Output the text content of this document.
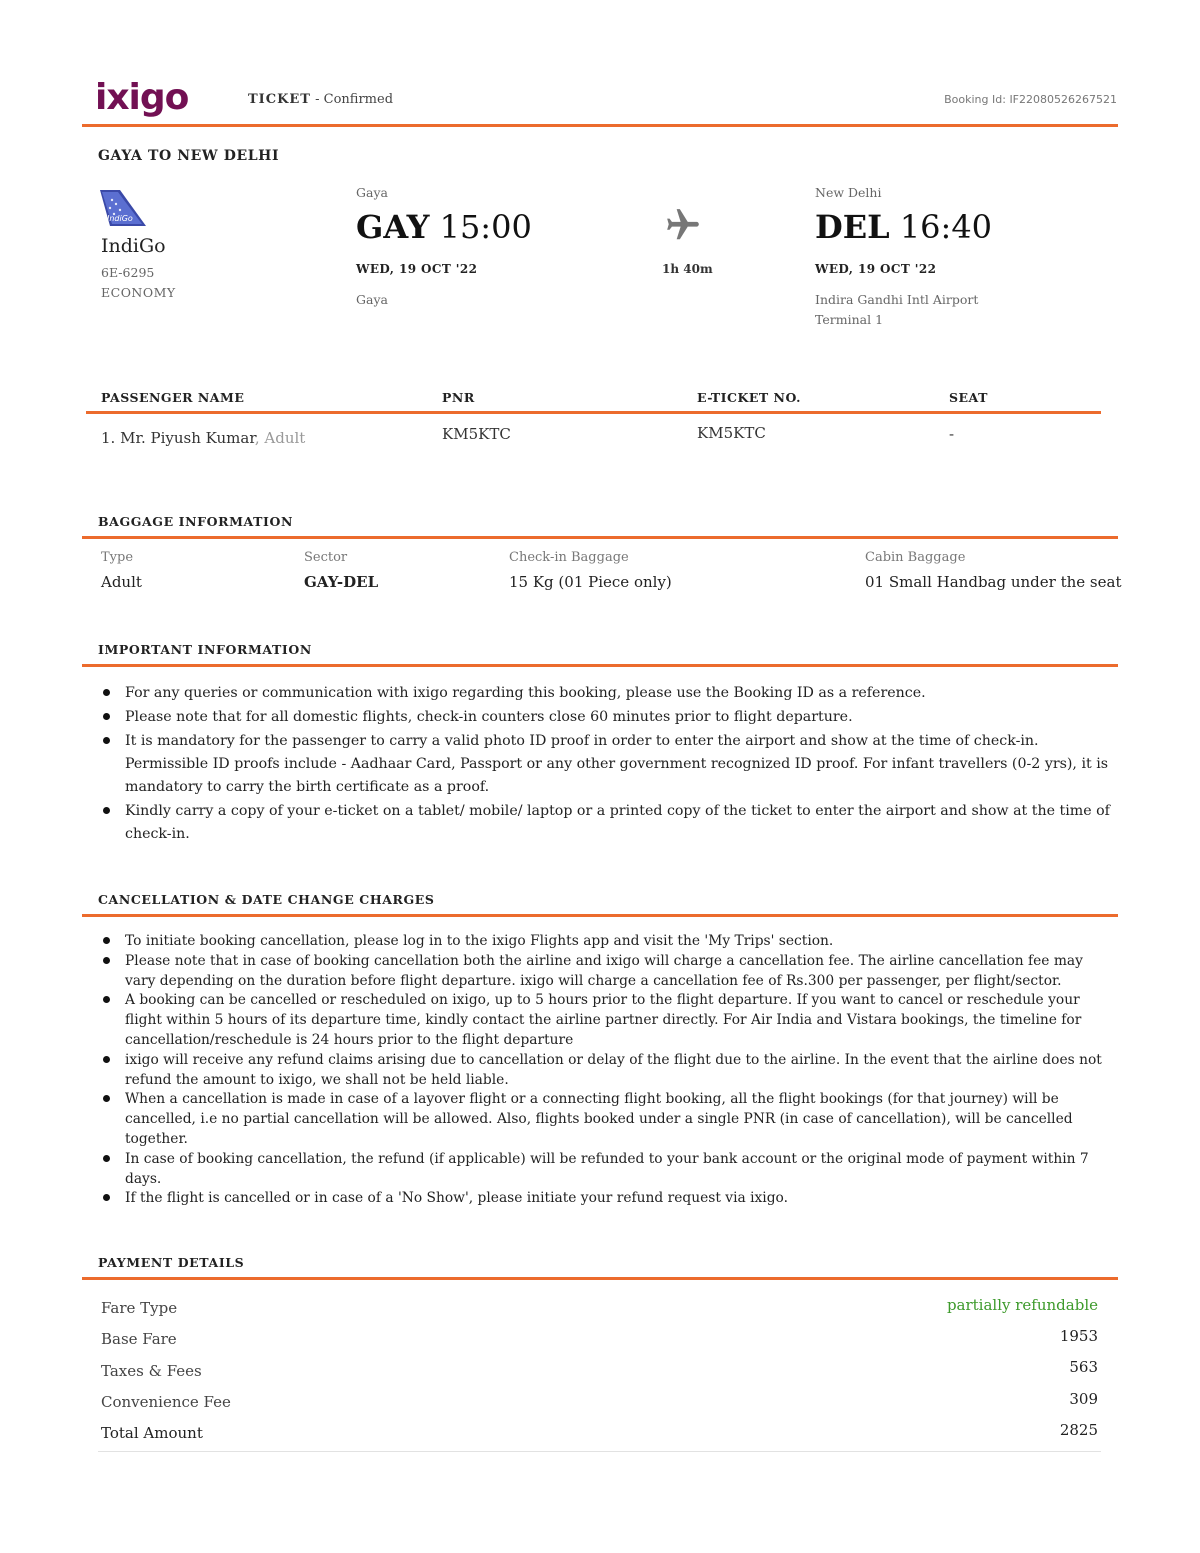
ixigo	TICKET - Confirmed	Booking Id: IF22080526267521
GAYA TO NEW DELHI
IndiGo
IndiGo
6E-6295
ECONOMY
Gaya
GAY 15:00
WED, 19 OCT '22
Gaya
1h 40m
New Delhi
DEL 16:40
WED, 19 OCT '22
Indira Gandhi Intl Airport
Terminal 1
PASSENGER NAME	PNR	E-TICKET NO.	SEAT
1. Mr. Piyush Kumar, Adult	KM5KTC	KM5KTC	-
BAGGAGE INFORMATION
Type	Sector	Check-in Baggage	Cabin Baggage
Adult	GAY-DEL	15 Kg (01 Piece only)	01 Small Handbag under the seat
IMPORTANT INFORMATION
For any queries or communication with ixigo regarding this booking, please use the Booking ID as a reference.
Please note that for all domestic flights, check-in counters close 60 minutes prior to flight departure.
It is mandatory for the passenger to carry a valid photo ID proof in order to enter the airport and show at the time of check-in. Permissible ID proofs include - Aadhaar Card, Passport or any other government recognized ID proof. For infant travellers (0-2 yrs), it is mandatory to carry the birth certificate as a proof.
Kindly carry a copy of your e-ticket on a tablet/ mobile/ laptop or a printed copy of the ticket to enter the airport and show at the time of check-in.
CANCELLATION & DATE CHANGE CHARGES
To initiate booking cancellation, please log in to the ixigo Flights app and visit the 'My Trips' section.
Please note that in case of booking cancellation both the airline and ixigo will charge a cancellation fee. The airline cancellation fee may vary depending on the duration before flight departure. ixigo will charge a cancellation fee of Rs.300 per passenger, per flight/sector.
A booking can be cancelled or rescheduled on ixigo, up to 5 hours prior to the flight departure. If you want to cancel or reschedule your flight within 5 hours of its departure time, kindly contact the airline partner directly. For Air India and Vistara bookings, the timeline for cancellation/reschedule is 24 hours prior to the flight departure
ixigo will receive any refund claims arising due to cancellation or delay of the flight due to the airline. In the event that the airline does not refund the amount to ixigo, we shall not be held liable.
When a cancellation is made in case of a layover flight or a connecting flight booking, all the flight bookings (for that journey) will be cancelled, i.e no partial cancellation will be allowed. Also, flights booked under a single PNR (in case of cancellation), will be cancelled together.
In case of booking cancellation, the refund (if applicable) will be refunded to your bank account or the original mode of payment within 7 days.
If the flight is cancelled or in case of a 'No Show', please initiate your refund request via ixigo.
PAYMENT DETAILS
Fare Type	partially refundable
Base Fare	1953
Taxes & Fees	563
Convenience Fee	309
Total Amount	2825
